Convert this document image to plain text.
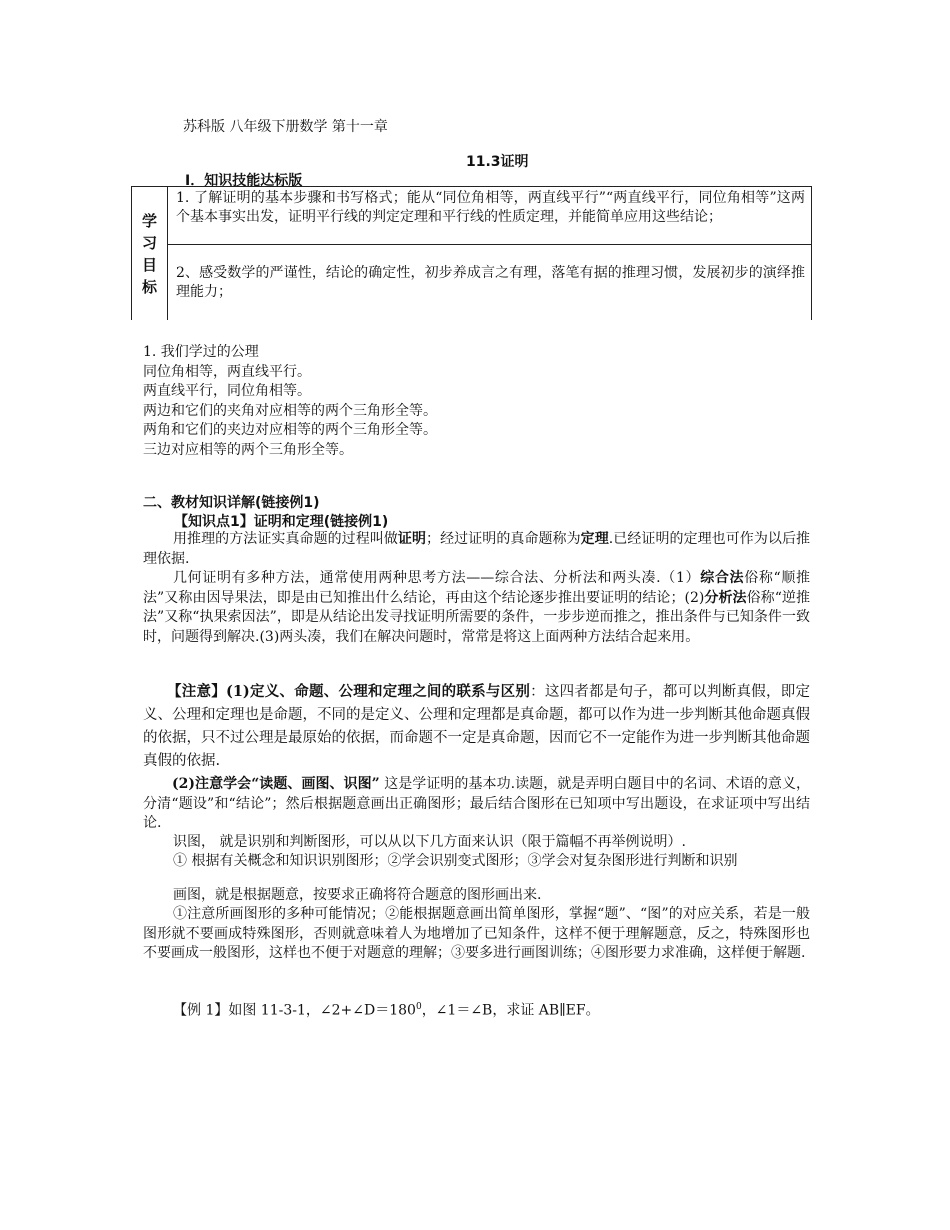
苏科版 八年级下册数学 第十一章
11.3证明
I．知识技能达标版
学
习
目
标
1. 了解证明的基本步骤和书写格式；能从“同位角相等，两直线平行”“两直线平行，同位角相等”这两个基本事实出发，证明平行线的判定定理和平行线的性质定理，并能简单应用这些结论；
2、感受数学的严谨性，结论的确定性，初步养成言之有理，落笔有据的推理习惯，发展初步的演绎推理能力；
1. 我们学过的公理
同位角相等，两直线平行。
两直线平行，同位角相等。
两边和它们的夹角对应相等的两个三角形全等。
两角和它们的夹边对应相等的两个三角形全等。
三边对应相等的两个三角形全等。
二、教材知识详解(链接例1)
【知识点1】证明和定理(链接例1)
用推理的方法证实真命题的过程叫做证明；经过证明的真命题称为定理.已经证明的定理也可作为以后推理依据.
几何证明有多种方法，通常使用两种思考方法——综合法、分析法和两头凑.（1）综合法俗称“顺推法”又称由因导果法，即是由已知推出什么结论，再由这个结论逐步推出要证明的结论；(2)分析法俗称“逆推法”又称“执果索因法”，即是从结论出发寻找证明所需要的条件，一步步逆而推之，推出条件与已知条件一致时，问题得到解决.(3)两头凑，我们在解决问题时，常常是将这上面两种方法结合起来用。
【注意】(1)定义、命题、公理和定理之间的联系与区别：这四者都是句子，都可以判断真假，即定义、公理和定理也是命题，不同的是定义、公理和定理都是真命题，都可以作为进一步判断其他命题真假的依据，只不过公理是最原始的依据，而命题不一定是真命题，因而它不一定能作为进一步判断其他命题真假的依据.
(2)注意学会“读题、画图、识图” 这是学证明的基本功.读题，就是弄明白题目中的名词、术语的意义，分清“题设”和“结论”；然后根据题意画出正确图形；最后结合图形在已知项中写出题设，在求证项中写出结论.
识图， 就是识别和判断图形，可以从以下几方面来认识（限于篇幅不再举例说明）.
① 根据有关概念和知识识别图形；②学会识别变式图形；③学会对复杂图形进行判断和识别
画图，就是根据题意，按要求正确将符合题意的图形画出来.
①注意所画图形的多种可能情况；②能根据题意画出简单图形，掌握“题”、“图”的对应关系，若是一般图形就不要画成特殊图形，否则就意味着人为地增加了已知条件，这样不便于理解题意，反之，特殊图形也不要画成一般图形，这样也不便于对题意的理解；③要多进行画图训练；④图形要力求准确，这样便于解题.
【例 1】如图 11-3-1，$\angle 2+\angle D=180^0$，∠1＝∠B，求证 AB∥EF。
